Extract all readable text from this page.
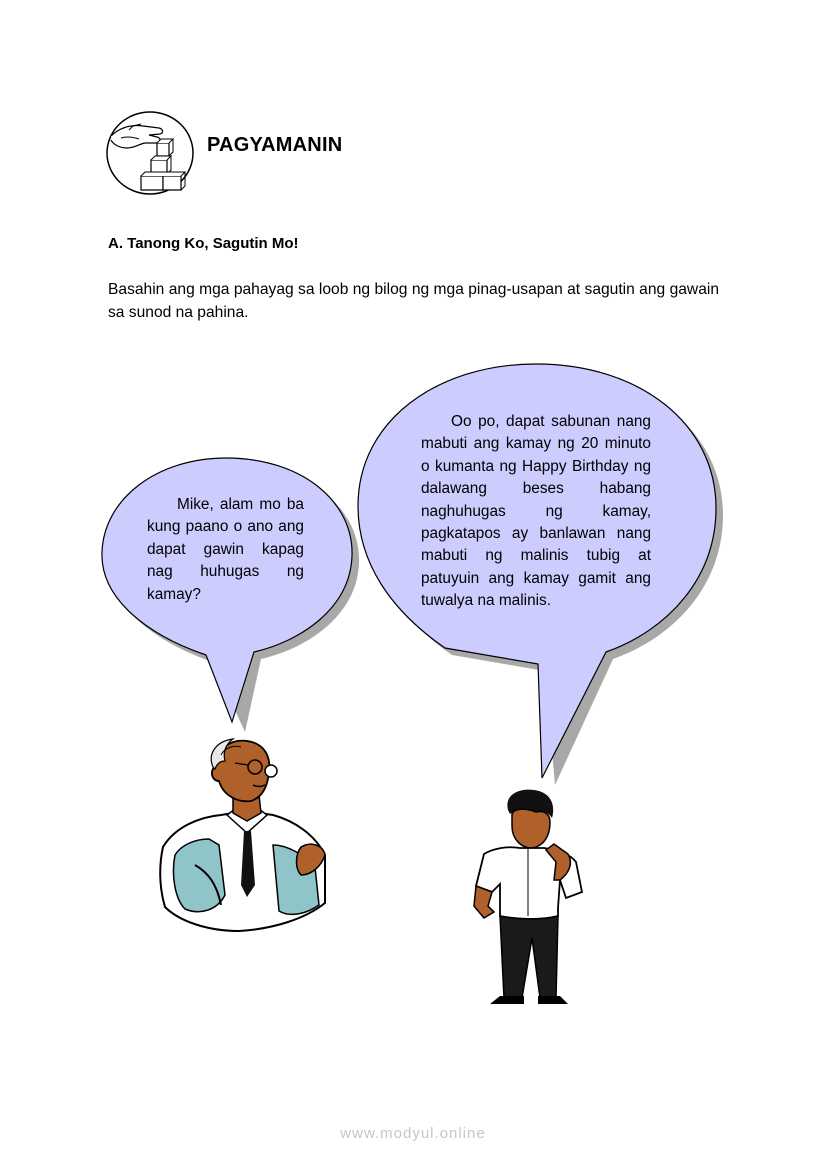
PAGYAMANIN
A. Tanong Ko, Sagutin Mo!
Basahin ang mga pahayag sa loob ng bilog ng mga pinag-usapan at sagutin ang gawain sa sunod na pahina.
Mike, alam mo ba kung paano o ano ang dapat gawin kapag nag huhugas ng kamay?
Oo po, dapat sabunan nang mabuti ang kamay ng 20 minuto o kumanta ng Happy Birthday ng dalawang beses habang naghuhugas ng kamay, pagkatapos ay banlawan nang mabuti ng malinis tubig at patuyuin ang kamay gamit ang tuwalya na malinis.
www.modyul.online
